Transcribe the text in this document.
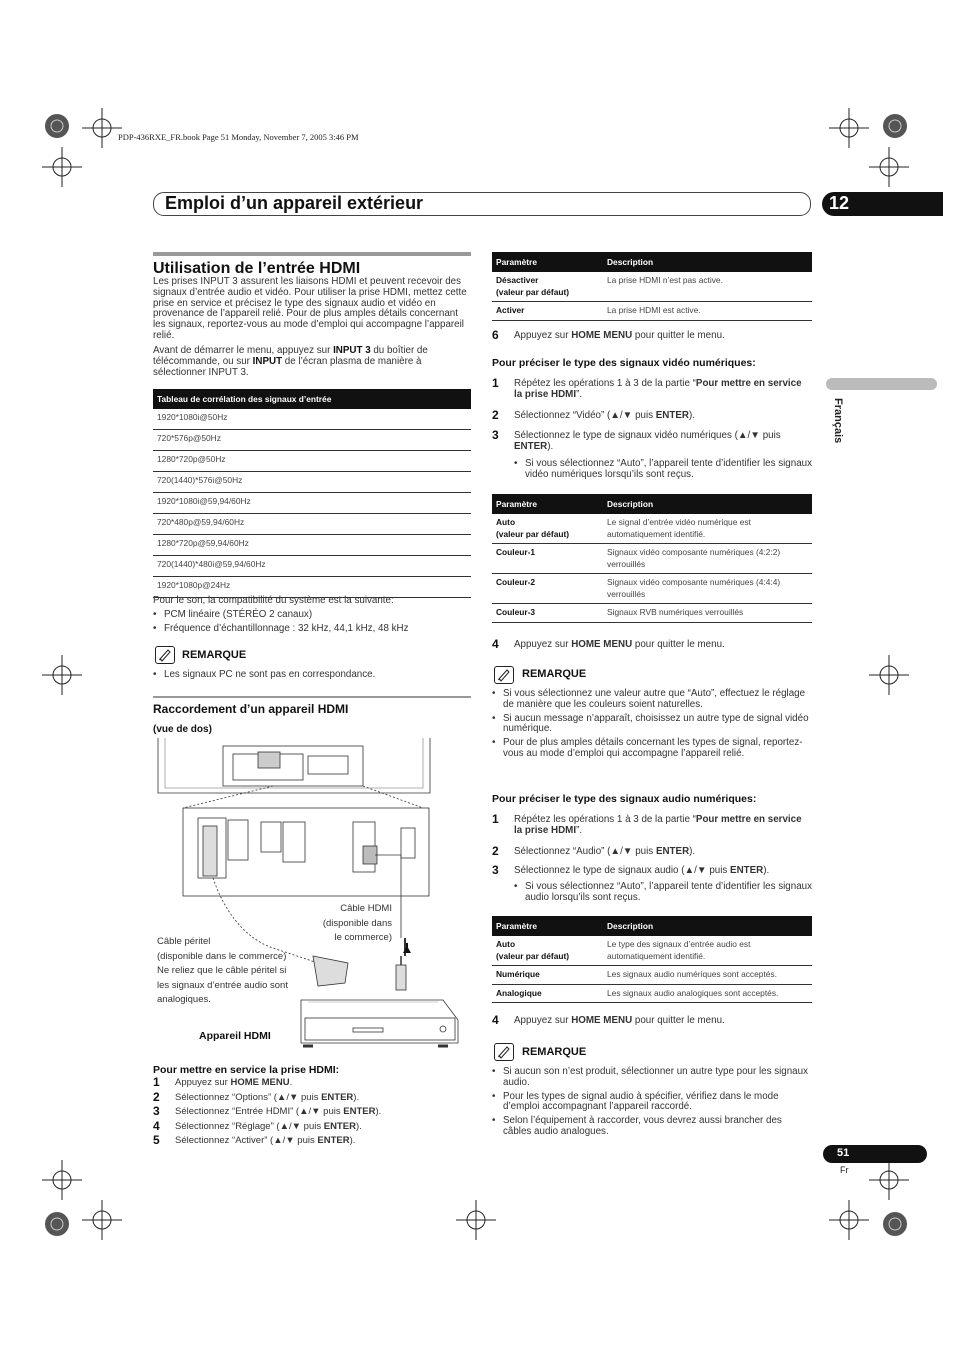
PDP-436RXE_FR.book Page 51 Monday, November 7, 2005 3:46 PM
Emploi d’un appareil extérieur	12
Français
Utilisation de l’entrée HDMI
Les prises INPUT 3 assurent les liaisons HDMI et peuvent recevoir des signaux d’entrée audio et vidéo. Pour utiliser la prise HDMI, mettez cette prise en service et précisez le type des signaux audio et vidéo en provenance de l’appareil relié. Pour de plus amples détails concernant les signaux, reportez-vous au mode d’emploi qui accompagne l’appareil relié.
Avant de démarrer le menu, appuyez sur INPUT 3 du boîtier de télécommande, ou sur INPUT de l’écran plasma de manière à sélectionner INPUT 3.
Tableau de corrélation des signaux d’entrée
1920*1080i@50Hz
720*576p@50Hz
1280*720p@50Hz
720(1440)*576i@50Hz
1920*1080i@59,94/60Hz
720*480p@59,94/60Hz
1280*720p@59,94/60Hz
720(1440)*480i@59,94/60Hz
1920*1080p@24Hz
Pour le son, la compatibilité du système est la suivante:
• PCM linéaire (STÉRÉO 2 canaux)
• Fréquence d’échantillonnage : 32 kHz, 44,1 kHz, 48 kHz
REMARQUE
• Les signaux PC ne sont pas en correspondance.
Raccordement d’un appareil HDMI
(vue de dos)
Câble HDMI
(disponible dans
le commerce)
Câble péritel
(disponible dans le commerce)
Ne reliez que le câble péritel si
les signaux d’entrée audio sont
analogiques.
Appareil HDMI
Pour mettre en service la prise HDMI:
1 Appuyez sur HOME MENU.
2 Sélectionnez “Options” (▲/▼ puis ENTER).
3 Sélectionnez “Entrée HDMI” (▲/▼ puis ENTER).
4 Sélectionnez “Réglage” (▲/▼ puis ENTER).
5 Sélectionnez “Activer” (▲/▼ puis ENTER).
Paramètre	Description
Désactiver
(valeur par défaut)	La prise HDMI n’est pas active.
Activer	La prise HDMI est active.
6 Appuyez sur HOME MENU pour quitter le menu.
Pour préciser le type des signaux vidéo numériques:
1 Répétez les opérations 1 à 3 de la partie “Pour mettre en service la prise HDMI”.
2 Sélectionnez “Vidéo” (▲/▼ puis ENTER).
3 Sélectionnez le type de signaux vidéo numériques (▲/▼ puis ENTER).
• Si vous sélectionnez “Auto”, l’appareil tente d’identifier les signaux vidéo numériques lorsqu’ils sont reçus.
Paramètre	Description
Auto
(valeur par défaut)	Le signal d’entrée vidéo numérique est automatiquement identifié.
Couleur-1	Signaux vidéo composante numériques (4:2:2) verrouillés
Couleur-2	Signaux vidéo composante numériques (4:4:4) verrouillés
Couleur-3	Signaux RVB numériques verrouillés
4 Appuyez sur HOME MENU pour quitter le menu.
REMARQUE
• Si vous sélectionnez une valeur autre que “Auto”, effectuez le réglage de manière que les couleurs soient naturelles.
• Si aucun message n’apparaît, choisissez un autre type de signal vidéo numérique.
• Pour de plus amples détails concernant les types de signal, reportez-vous au mode d’emploi qui accompagne l’appareil relié.
Pour préciser le type des signaux audio numériques:
1 Répétez les opérations 1 à 3 de la partie “Pour mettre en service la prise HDMI”.
2 Sélectionnez “Audio” (▲/▼ puis ENTER).
3 Sélectionnez le type de signaux audio (▲/▼ puis ENTER).
• Si vous sélectionnez “Auto”, l’appareil tente d’identifier les signaux audio lorsqu’ils sont reçus.
Paramètre	Description
Auto
(valeur par défaut)	Le type des signaux d’entrée audio est automatiquement identifié.
Numérique	Les signaux audio numériques sont acceptés.
Analogique	Les signaux audio analogiques sont acceptés.
4 Appuyez sur HOME MENU pour quitter le menu.
REMARQUE
• Si aucun son n’est produit, sélectionner un autre type pour les signaux audio.
• Pour les types de signal audio à spécifier, vérifiez dans le mode d’emploi accompagnant l’appareil raccordé.
• Selon l’équipement à raccorder, vous devrez aussi brancher des câbles audio analogues.
51
Fr
